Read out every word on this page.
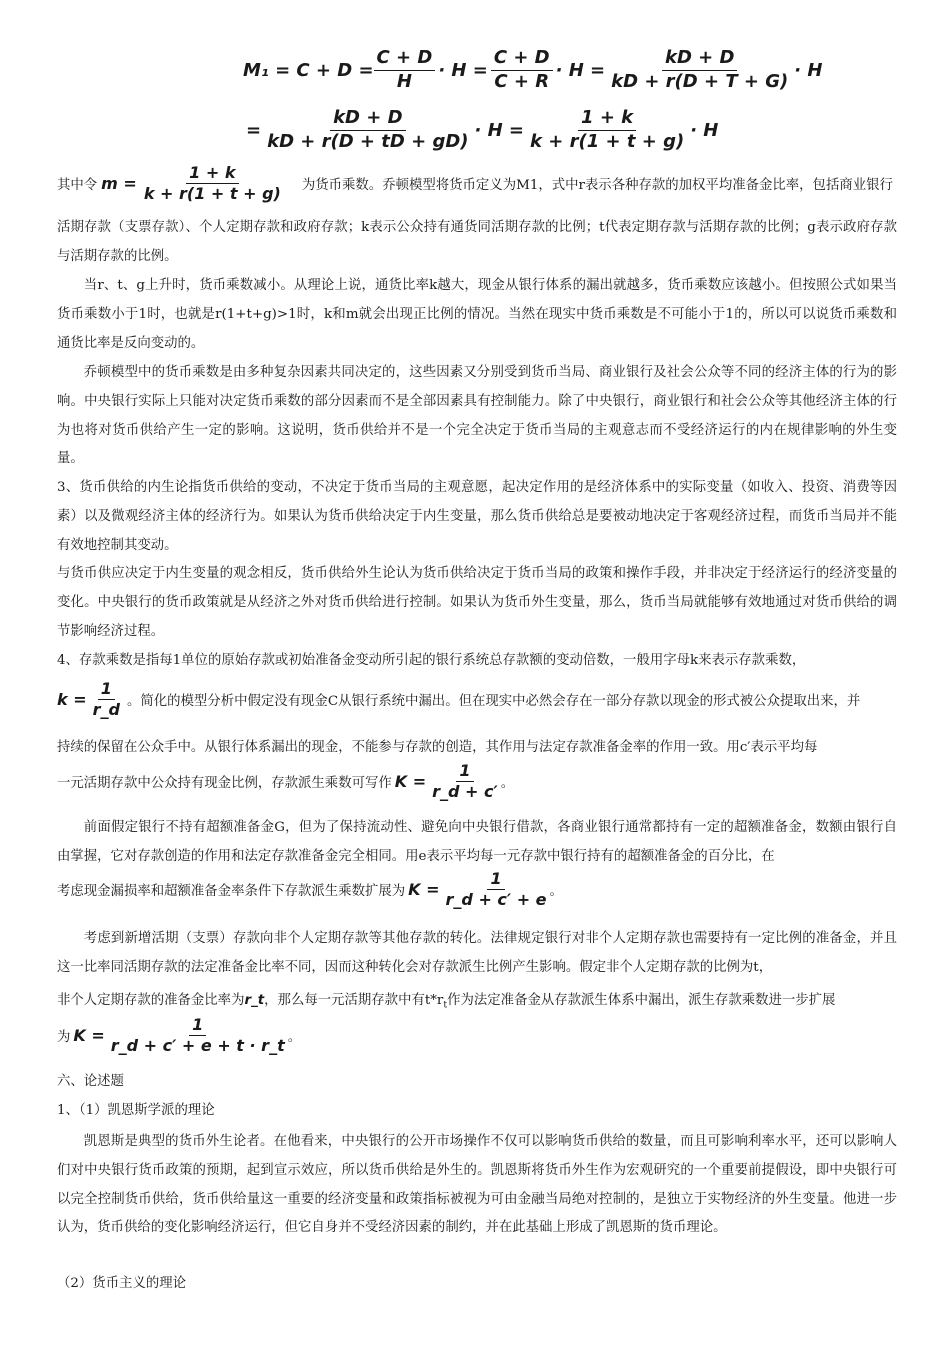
$M_1 = C + D = \frac{C + D}{H} \cdot H = \frac{C + D}{C + R} \cdot H = \frac{kD + D}{kD + r(D + T + G)} \cdot H$
= $\frac{kD + D}{kD + r(D + tD + gD)} \cdot H = \frac{1 + k}{k + r(1 + t + g)} \cdot H$
其中令 $m = \frac{1 + k}{k + r(1 + t + g)}$ 为货币乘数。乔顿模型将货币定义为M1，式中r表示各种存款的加权平均准备金比率，包括商业银行

活期存款（支票存款）、个人定期存款和政府存款；k表示公众持有通货同活期存款的比例；t代表定期存款与活期存款的比例；g表示政府存款与活期存款的比例。

当r、t、g上升时，货币乘数减小。从理论上说，通货比率k越大，现金从银行体系的漏出就越多，货币乘数应该越小。但按照公式如果当货币乘数小于1时，也就是r(1+t+g)>1时，k和m就会出现正比例的情况。当然在现实中货币乘数是不可能小于1的，所以可以说货币乘数和通货比率是反向变动的。

乔顿模型中的货币乘数是由多种复杂因素共同决定的，这些因素又分别受到货币当局、商业银行及社会公众等不同的经济主体的行为的影响。中央银行实际上只能对决定货币乘数的部分因素而不是全部因素具有控制能力。除了中央银行，商业银行和社会公众等其他经济主体的行为也将对货币供给产生一定的影响。这说明，货币供给并不是一个完全决定于货币当局的主观意志而不受经济运行的内在规律影响的外生变量。

3、货币供给的内生论指货币供给的变动，不决定于货币当局的主观意愿，起决定作用的是经济体系中的实际变量（如收入、投资、消费等因素）以及微观经济主体的经济行为。如果认为货币供给决定于内生变量，那么货币供给总是要被动地决定于客观经济过程，而货币当局并不能有效地控制其变动。

与货币供应决定于内生变量的观念相反，货币供给外生论认为货币供给决定于货币当局的政策和操作手段，并非决定于经济运行的经济变量的变化。中央银行的货币政策就是从经济之外对货币供给进行控制。如果认为货币外生变量，那么，货币当局就能够有效地通过对货币供给的调节影响经济过程。

4、存款乘数是指每1单位的原始存款或初始准备金变动所引起的银行系统总存款额的变动倍数，一般用字母k来表示存款乘数，

$k = \frac{1}{r\_d}$ 。简化的模型分析中假定没有现金C从银行系统中漏出。但在现实中必然会存在一部分存款以现金的形式被公众提取出来，并

持续的保留在公众手中。从银行体系漏出的现金，不能参与存款的创造，其作用与法定存款准备金率的作用一致。用c′表示平均每

一元活期存款中公众持有现金比例，存款派生乘数可写作 $K = \frac{1}{r\_d + c'}$ 。

前面假定银行不持有超额准备金G，但为了保持流动性、避免向中央银行借款，各商业银行通常都持有一定的超额准备金，数额由银行自由掌握，它对存款创造的作用和法定存款准备金完全相同。用e表示平均每一元存款中银行持有的超额准备金的百分比，在

考虑现金漏损率和超额准备金率条件下存款派生乘数扩展为 $K = \frac{1}{r\_d + c' + e}$ 。

考虑到新增活期（支票）存款向非个人定期存款等其他存款的转化。法律规定银行对非个人定期存款也需要持有一定比例的准备金，并且这一比率同活期存款的法定准备金比率不同，因而这种转化会对存款派生比例产生影响。假定非个人定期存款的比例为t，

非个人定期存款的准备金比率为r_t，那么每一元活期存款中有$t*r_t$作为法定准备金从存款派生体系中漏出，派生存款乘数进一步扩展
为 $K = \frac{1}{r\_d + c' + e + t \cdot r\_t}$ 。

六、论述题

1、（1）凯恩斯学派的理论

凯恩斯是典型的货币外生论者。在他看来，中央银行的公开市场操作不仅可以影响货币供给的数量，而且可影响利率水平，还可以影响人们对中央银行货币政策的预期，起到宣示效应，所以货币供给是外生的。凯恩斯将货币外生作为宏观研究的一个重要前提假设，即中央银行可以完全控制货币供给，货币供给量这一重要的经济变量和政策指标被视为可由金融当局绝对控制的，是独立于实物经济的外生变量。他进一步认为，货币供给的变化影响经济运行，但它自身并不受经济因素的制约，并在此基础上形成了凯恩斯的货币理论。

（2）货币主义的理论
